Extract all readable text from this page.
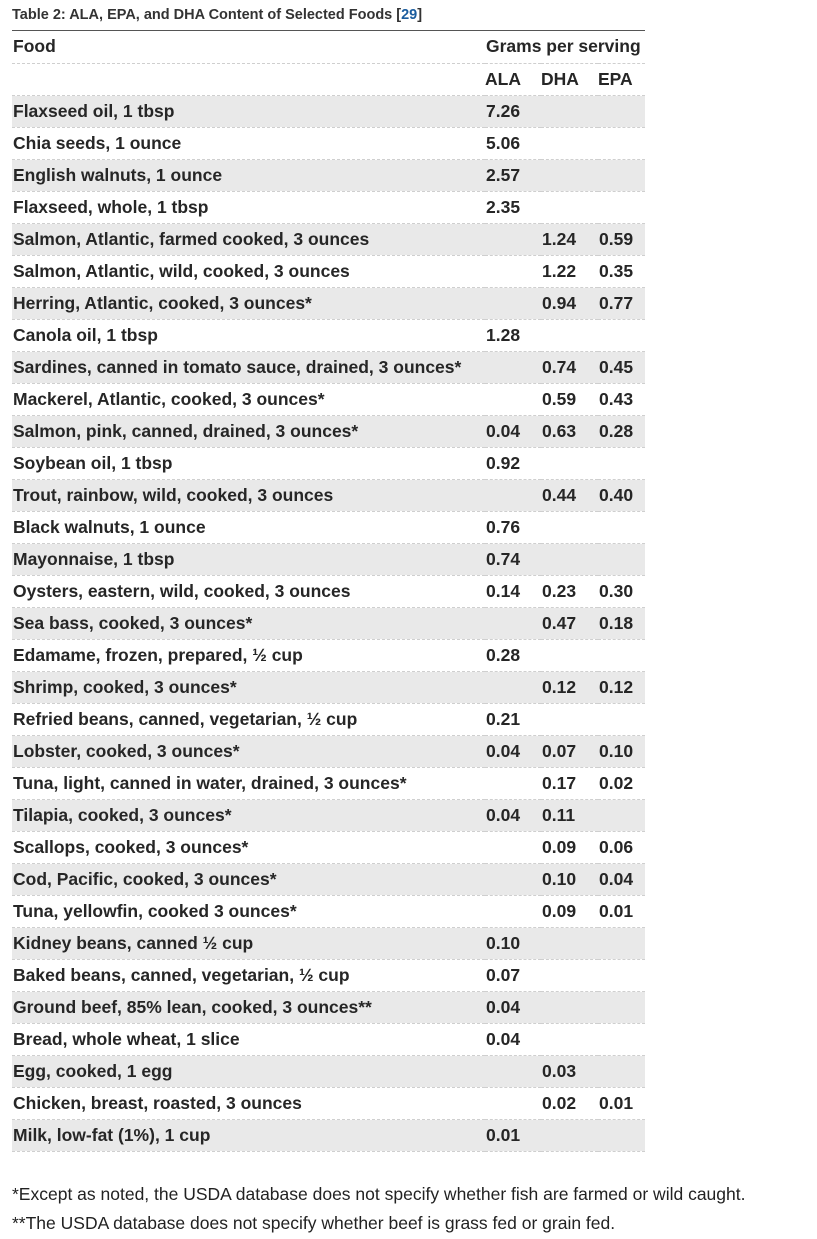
Table 2: ALA, EPA, and DHA Content of Selected Foods [29]
Food	Grams per serving		
	ALA	DHA	EPA
Flaxseed oil, 1 tbsp	7.26		
Chia seeds, 1 ounce	5.06		
English walnuts, 1 ounce	2.57		
Flaxseed, whole, 1 tbsp	2.35		
Salmon, Atlantic, farmed cooked, 3 ounces		1.24	0.59
Salmon, Atlantic, wild, cooked, 3 ounces		1.22	0.35
Herring, Atlantic, cooked, 3 ounces*		0.94	0.77
Canola oil, 1 tbsp	1.28		
Sardines, canned in tomato sauce, drained, 3 ounces*		0.74	0.45
Mackerel, Atlantic, cooked, 3 ounces*		0.59	0.43
Salmon, pink, canned, drained, 3 ounces*	0.04	0.63	0.28
Soybean oil, 1 tbsp	0.92		
Trout, rainbow, wild, cooked, 3 ounces		0.44	0.40
Black walnuts, 1 ounce	0.76		
Mayonnaise, 1 tbsp	0.74		
Oysters, eastern, wild, cooked, 3 ounces	0.14	0.23	0.30
Sea bass, cooked, 3 ounces*		0.47	0.18
Edamame, frozen, prepared, ½ cup	0.28		
Shrimp, cooked, 3 ounces*		0.12	0.12
Refried beans, canned, vegetarian, ½ cup	0.21		
Lobster, cooked, 3 ounces*	0.04	0.07	0.10
Tuna, light, canned in water, drained, 3 ounces*		0.17	0.02
Tilapia, cooked, 3 ounces*	0.04	0.11	
Scallops, cooked, 3 ounces*		0.09	0.06
Cod, Pacific, cooked, 3 ounces*		0.10	0.04
Tuna, yellowfin, cooked 3 ounces*		0.09	0.01
Kidney beans, canned ½ cup	0.10		
Baked beans, canned, vegetarian, ½ cup	0.07		
Ground beef, 85% lean, cooked, 3 ounces**	0.04		
Bread, whole wheat, 1 slice	0.04		
Egg, cooked, 1 egg		0.03	
Chicken, breast, roasted, 3 ounces		0.02	0.01
Milk, low-fat (1%), 1 cup	0.01		
*Except as noted, the USDA database does not specify whether fish are farmed or wild caught.
**The USDA database does not specify whether beef is grass fed or grain fed.
